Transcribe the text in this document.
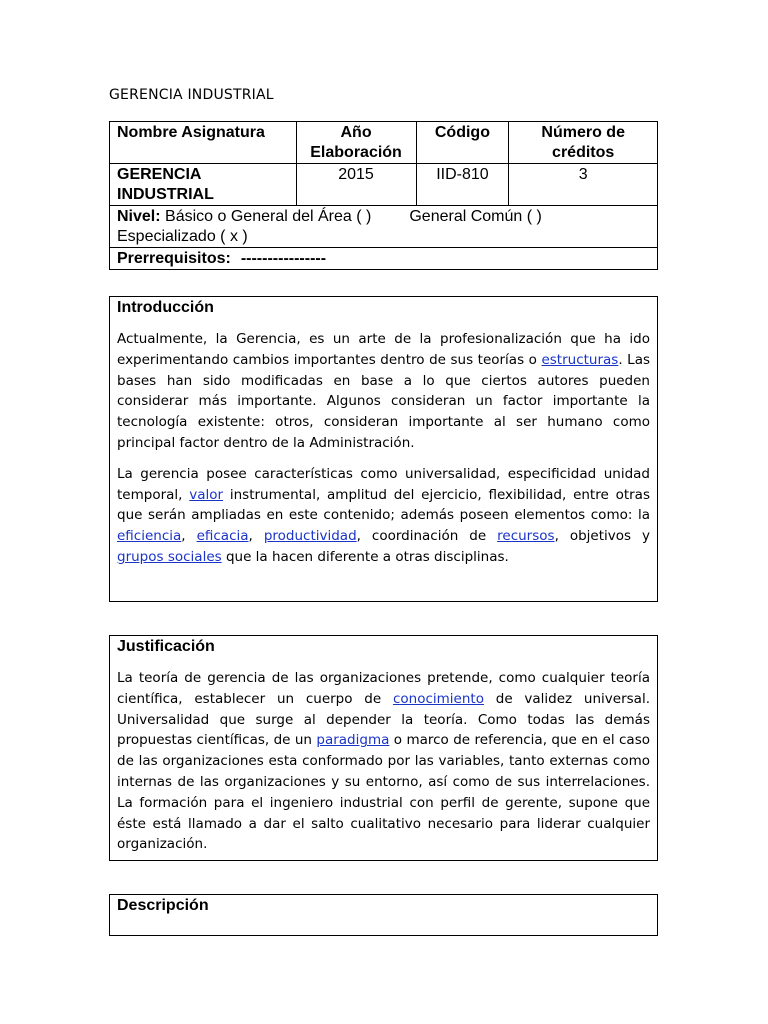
GERENCIA INDUSTRIAL
Nombre Asignatura	Año Elaboración	Código	Número de créditos
GERENCIA INDUSTRIAL	2015	IID-810	3
Nivel: Básico o General del Área ( ) General Común ( )
Especializado ( x )			
Prerrequisitos: ----------------			
Introducción

Actualmente, la Gerencia, es un arte de la profesionalización que ha ido experimentando cambios importantes dentro de sus teorías o estructuras. Las bases han sido modificadas en base a lo que ciertos autores pueden considerar más importante. Algunos consideran un factor importante la tecnología existente: otros, consideran importante al ser humano como principal factor dentro de la Administración.

La gerencia posee características como universalidad, especificidad unidad temporal, valor instrumental, amplitud del ejercicio, flexibilidad, entre otras que serán ampliadas en este contenido; además poseen elementos como: la eficiencia, eficacia, productividad, coordinación de recursos, objetivos y grupos sociales que la hacen diferente a otras disciplinas.

Justificación

La teoría de gerencia de las organizaciones pretende, como cualquier teoría científica, establecer un cuerpo de conocimiento de validez universal. Universalidad que surge al depender la teoría. Como todas las demás propuestas científicas, de un paradigma o marco de referencia, que en el caso de las organizaciones esta conformado por las variables, tanto externas como internas de las organizaciones y su entorno, así como de sus interrelaciones. La formación para el ingeniero industrial con perfil de gerente, supone que éste está llamado a dar el salto cualitativo necesario para liderar cualquier organización.

Descripción
